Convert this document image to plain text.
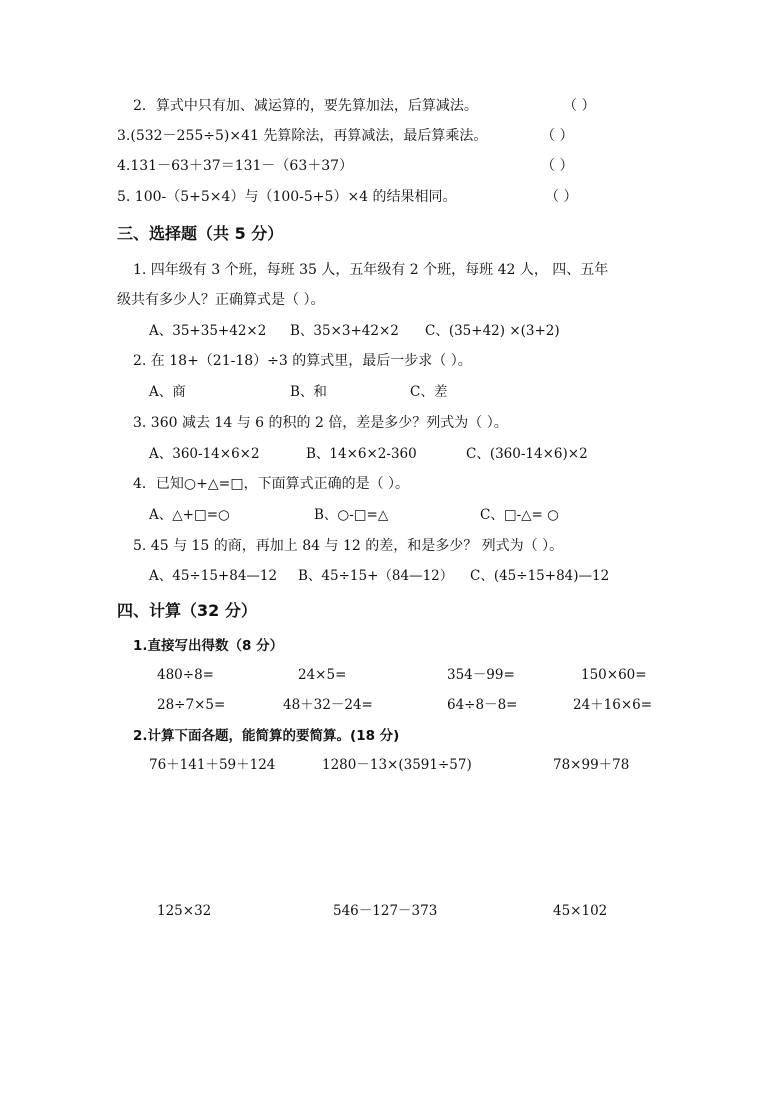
2．算式中只有加、减运算的，要先算加法，后算减法。	（ ）
3.(532－255÷5)×41 先算除法，再算减法，最后算乘法。	（ ）
4.131－63＋37＝131－（63＋37）	（ ）
5. 100-（5+5×4）与（100-5+5）×4 的结果相同。	（ ）
三、选择题（共 5 分）
1. 四年级有 3 个班，每班 35 人，五年级有 2 个班，每班 42 人， 四、五年
级共有多少人？正确算式是（ ）。
A、35+35+42×2 B、35×3+42×2 C、(35+42) ×(3+2)
2. 在 18+（21-18）÷3 的算式里，最后一步求（ ）。
A、商	B、和	C、差
3. 360 减去 14 与 6 的积的 2 倍，差是多少？列式为（ ）。
A、360-14×6×2	B、14×6×2-360	C、(360-14×6)×2
4．已知○+△=□，下面算式正确的是（ ）。
A、△+□=○	B、○-□=△	C、□-△= ○
5. 45 与 15 的商，再加上 84 与 12 的差，和是多少？ 列式为（ ）。
A、45÷15+84—12 B、45÷15+（84—12） C、(45÷15+84)—12
四、计算（32 分）
1.直接写出得数（8 分）
480÷8=	24×5=	354－99=	150×60=
28÷7×5=	48＋32－24=	64÷8－8=	24＋16×6=
2.计算下面各题，能简算的要简算。(18 分)
76＋141＋59＋124	1280－13×(3591÷57)	78×99＋78
125×32	546－127－373	45×102
